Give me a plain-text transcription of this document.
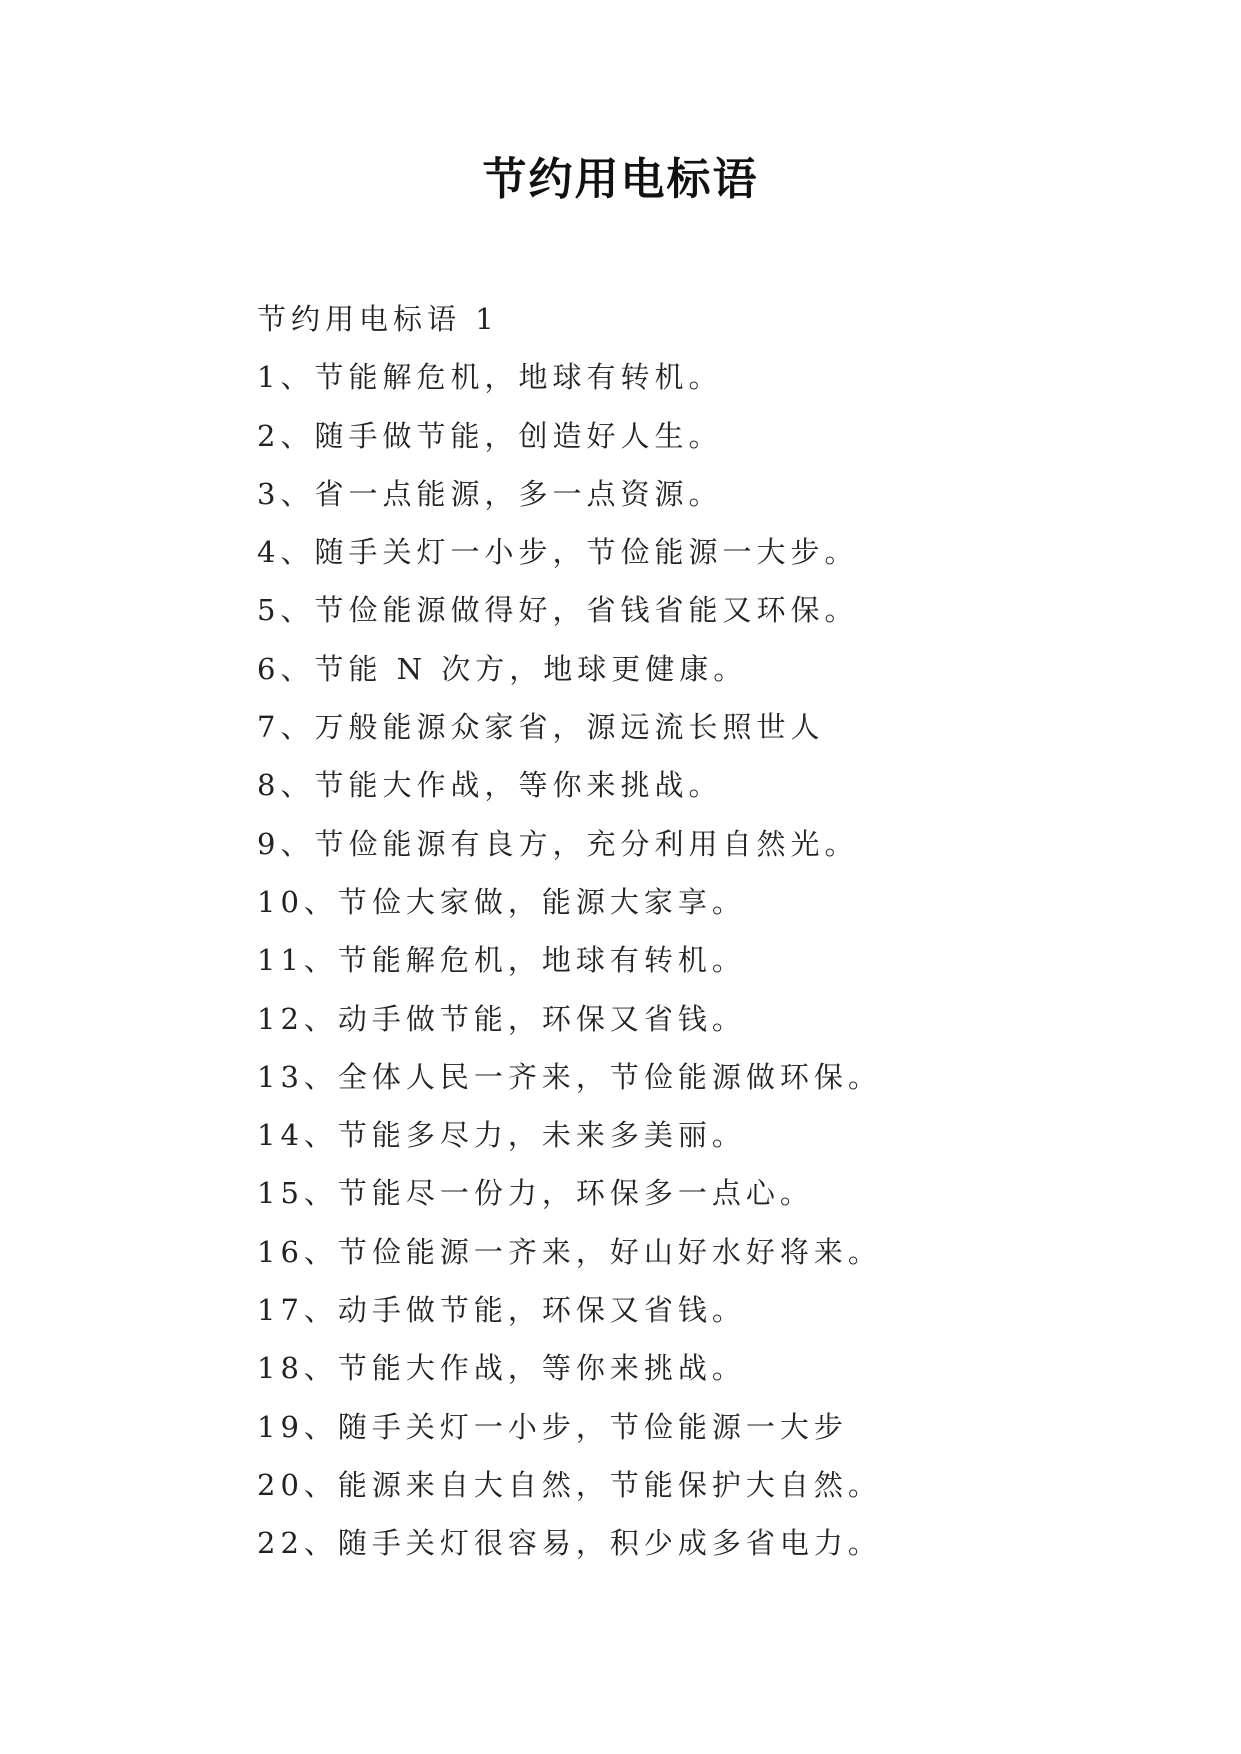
节约用电标语
节约用电标语 1
1、节能解危机，地球有转机。
2、随手做节能，创造好人生。
3、省一点能源，多一点资源。
4、随手关灯一小步，节俭能源一大步。
5、节俭能源做得好，省钱省能又环保。
6、节能 N 次方，地球更健康。
7、万般能源众家省，源远流长照世人
8、节能大作战，等你来挑战。
9、节俭能源有良方，充分利用自然光。
10、节俭大家做，能源大家享。
11、节能解危机，地球有转机。
12、动手做节能，环保又省钱。
13、全体人民一齐来，节俭能源做环保。
14、节能多尽力，未来多美丽。
15、节能尽一份力，环保多一点心。
16、节俭能源一齐来，好山好水好将来。
17、动手做节能，环保又省钱。
18、节能大作战，等你来挑战。
19、随手关灯一小步，节俭能源一大步
20、能源来自大自然，节能保护大自然。
22、随手关灯很容易，积少成多省电力。
